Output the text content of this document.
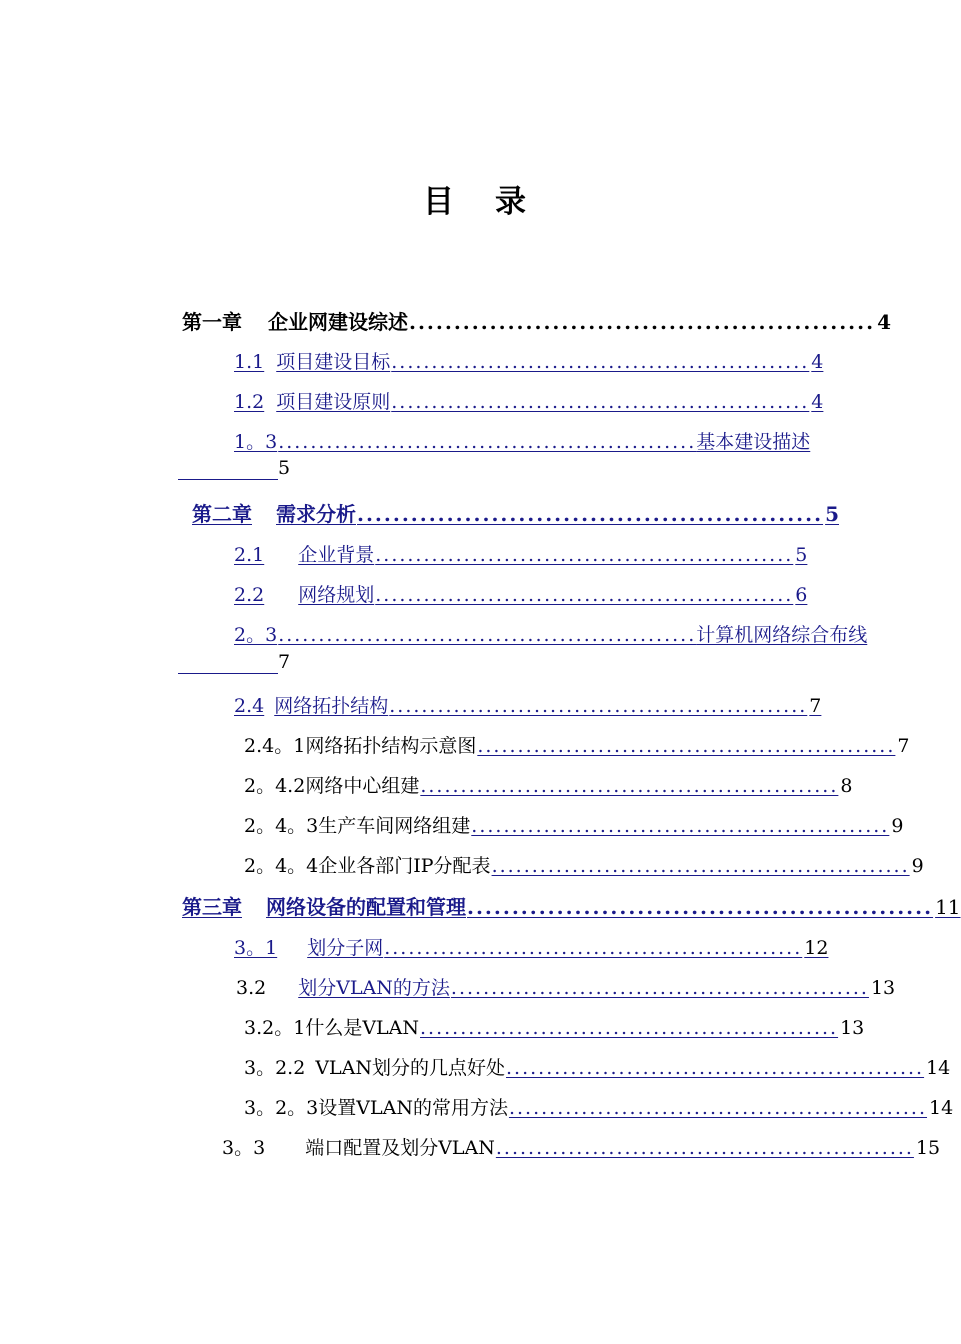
目 录
第一章 企业网建设综述 .................................................... 4
1.1 项目建设目标 .................................................... 4
1.2 项目建设原则 .................................................... 4
1。3 .................................................... 基本建设描述
5
第二章 需求分析 .................................................... 5
2.1 企业背景 .................................................... 5
2.2 网络规划 .................................................... 6
2。3 .................................................... 计算机网络综合布线
7
2.4 网络拓扑结构 .................................................... 7
2.4。1 网络拓扑结构示意图 .................................................... 7
2。4.2 网络中心组建 .................................................... 8
2。4。3 生产车间网络组建 .................................................... 9
2。4。4 企业各部门IP分配表 .................................................... 9
第三章 网络设备的配置和管理 .................................................... 11
3。1 划分子网 .................................................... 12
3.2 划分VLAN的方法 .................................................... 13
3.2。1 什么是VLAN .................................................... 13
3。2.2 VLAN划分的几点好处 .................................................... 14
3。2。3 设置VLAN的常用方法 .................................................... 14
3。3 端口配置及划分VLAN .................................................... 15
